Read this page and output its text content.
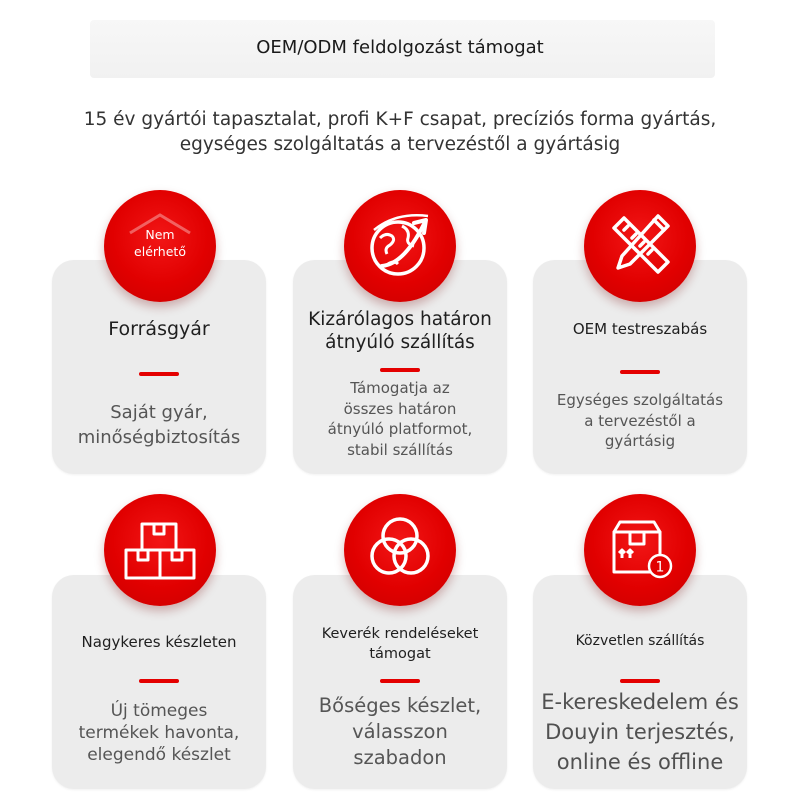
OEM/ODM feldolgozást támogat
15 év gyártói tapasztalat, profi K+F csapat, precíziós forma gyártás,
egységes szolgáltatás a tervezéstől a gyártásig
Forrásgyár
Saját gyár,
minőségbiztosítás
Nem
elérhető
Kizárólagos határon
átnyúló szállítás
Támogatja az
összes határon
átnyúló platformot,
stabil szállítás
OEM testreszabás
Egységes szolgáltatás
a tervezéstől a
gyártásig
Nagykeres készleten
Új tömeges
termékek havonta,
elegendő készlet
Keverék rendeléseket
támogat
Bőséges készlet,
válasszon
szabadon
Közvetlen szállítás
E-kereskedelem és
Douyin terjesztés,
online és offline
1
